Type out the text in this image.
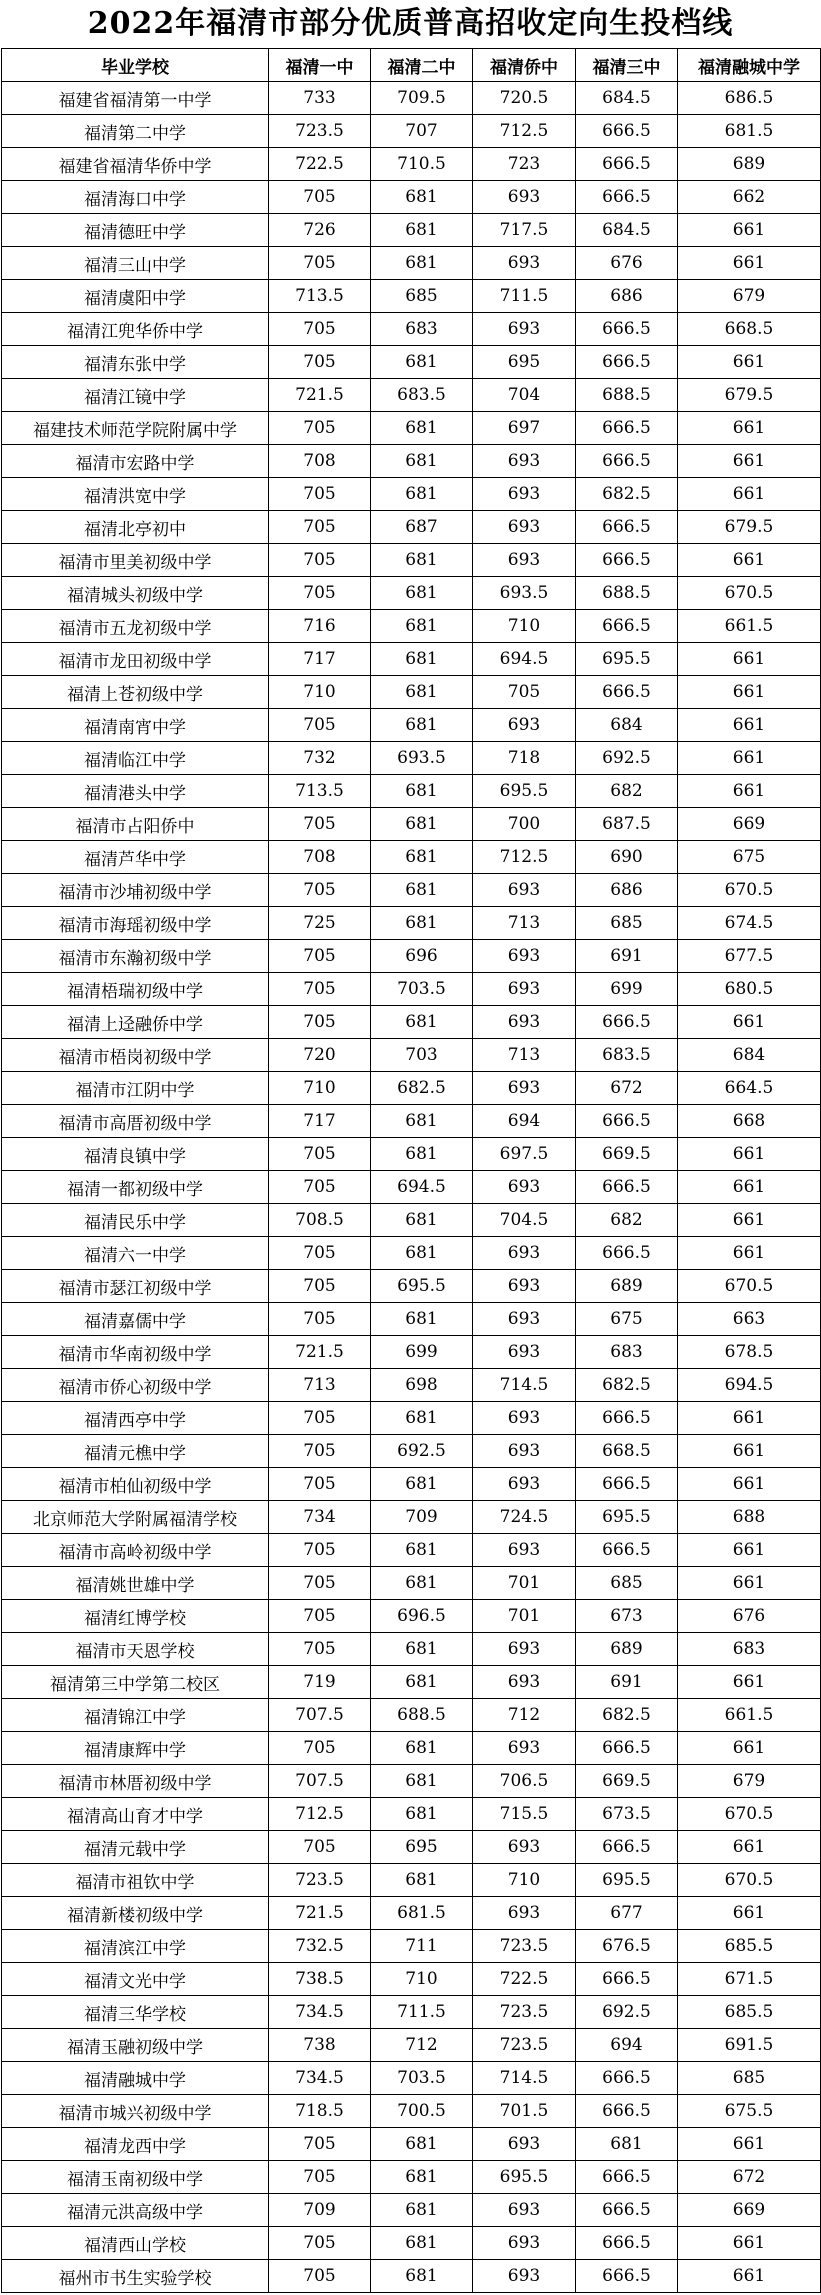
2022年福清市部分优质普高招收定向生投档线
毕业学校	福清一中	福清二中	福清侨中	福清三中	福清融城中学
福建省福清第一中学	733	709.5	720.5	684.5	686.5
福清第二中学	723.5	707	712.5	666.5	681.5
福建省福清华侨中学	722.5	710.5	723	666.5	689
福清海口中学	705	681	693	666.5	662
福清德旺中学	726	681	717.5	684.5	661
福清三山中学	705	681	693	676	661
福清虞阳中学	713.5	685	711.5	686	679
福清江兜华侨中学	705	683	693	666.5	668.5
福清东张中学	705	681	695	666.5	661
福清江镜中学	721.5	683.5	704	688.5	679.5
福建技术师范学院附属中学	705	681	697	666.5	661
福清市宏路中学	708	681	693	666.5	661
福清洪宽中学	705	681	693	682.5	661
福清北亭初中	705	687	693	666.5	679.5
福清市里美初级中学	705	681	693	666.5	661
福清城头初级中学	705	681	693.5	688.5	670.5
福清市五龙初级中学	716	681	710	666.5	661.5
福清市龙田初级中学	717	681	694.5	695.5	661
福清上苍初级中学	710	681	705	666.5	661
福清南宵中学	705	681	693	684	661
福清临江中学	732	693.5	718	692.5	661
福清港头中学	713.5	681	695.5	682	661
福清市占阳侨中	705	681	700	687.5	669
福清芦华中学	708	681	712.5	690	675
福清市沙埔初级中学	705	681	693	686	670.5
福清市海瑶初级中学	725	681	713	685	674.5
福清市东瀚初级中学	705	696	693	691	677.5
福清梧瑞初级中学	705	703.5	693	699	680.5
福清上迳融侨中学	705	681	693	666.5	661
福清市梧岗初级中学	720	703	713	683.5	684
福清市江阴中学	710	682.5	693	672	664.5
福清市高厝初级中学	717	681	694	666.5	668
福清良镇中学	705	681	697.5	669.5	661
福清一都初级中学	705	694.5	693	666.5	661
福清民乐中学	708.5	681	704.5	682	661
福清六一中学	705	681	693	666.5	661
福清市瑟江初级中学	705	695.5	693	689	670.5
福清嘉儒中学	705	681	693	675	663
福清市华南初级中学	721.5	699	693	683	678.5
福清市侨心初级中学	713	698	714.5	682.5	694.5
福清西亭中学	705	681	693	666.5	661
福清元樵中学	705	692.5	693	668.5	661
福清市柏仙初级中学	705	681	693	666.5	661
北京师范大学附属福清学校	734	709	724.5	695.5	688
福清市高岭初级中学	705	681	693	666.5	661
福清姚世雄中学	705	681	701	685	661
福清红博学校	705	696.5	701	673	676
福清市天恩学校	705	681	693	689	683
福清第三中学第二校区	719	681	693	691	661
福清锦江中学	707.5	688.5	712	682.5	661.5
福清康辉中学	705	681	693	666.5	661
福清市林厝初级中学	707.5	681	706.5	669.5	679
福清高山育才中学	712.5	681	715.5	673.5	670.5
福清元载中学	705	695	693	666.5	661
福清市祖钦中学	723.5	681	710	695.5	670.5
福清新楼初级中学	721.5	681.5	693	677	661
福清滨江中学	732.5	711	723.5	676.5	685.5
福清文光中学	738.5	710	722.5	666.5	671.5
福清三华学校	734.5	711.5	723.5	692.5	685.5
福清玉融初级中学	738	712	723.5	694	691.5
福清融城中学	734.5	703.5	714.5	666.5	685
福清市城兴初级中学	718.5	700.5	701.5	666.5	675.5
福清龙西中学	705	681	693	681	661
福清玉南初级中学	705	681	695.5	666.5	672
福清元洪高级中学	709	681	693	666.5	669
福清西山学校	705	681	693	666.5	661
福州市书生实验学校	705	681	693	666.5	661
